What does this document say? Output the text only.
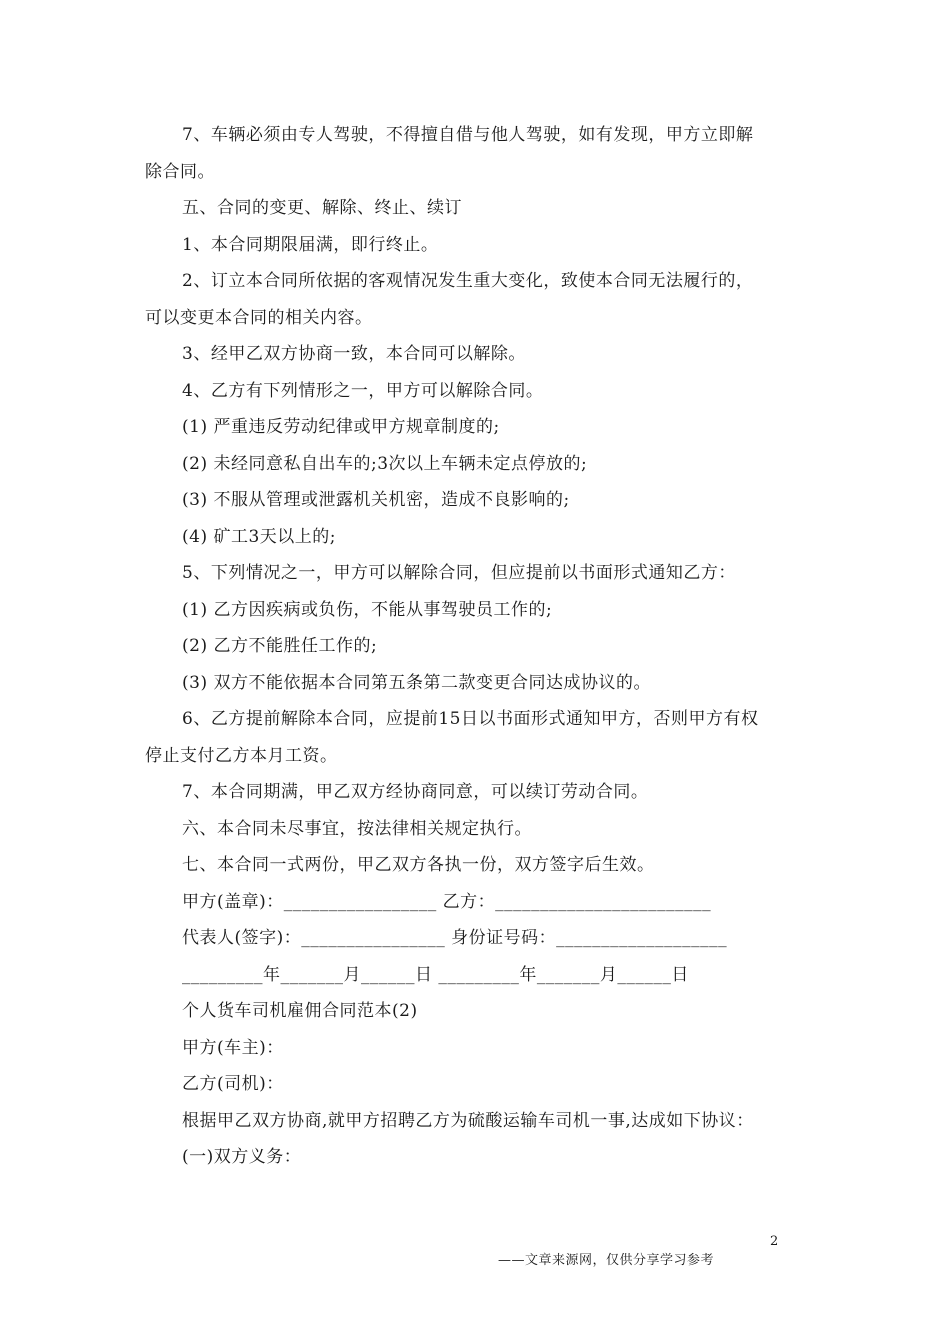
7、车辆必须由专人驾驶，不得擅自借与他人驾驶，如有发现，甲方立即解
除合同。
五、合同的变更、解除、终止、续订
1、本合同期限届满，即行终止。
2、订立本合同所依据的客观情况发生重大变化，致使本合同无法履行的，
可以变更本合同的相关内容。
3、经甲乙双方协商一致，本合同可以解除。
4、乙方有下列情形之一，甲方可以解除合同。
(1) 严重违反劳动纪律或甲方规章制度的;
(2) 未经同意私自出车的;3次以上车辆未定点停放的;
(3) 不服从管理或泄露机关机密，造成不良影响的;
(4) 矿工3天以上的;
5、下列情况之一，甲方可以解除合同，但应提前以书面形式通知乙方：
(1) 乙方因疾病或负伤，不能从事驾驶员工作的;
(2) 乙方不能胜任工作的;
(3) 双方不能依据本合同第五条第二款变更合同达成协议的。
6、乙方提前解除本合同，应提前15日以书面形式通知甲方，否则甲方有权
停止支付乙方本月工资。
7、本合同期满，甲乙双方经协商同意，可以续订劳动合同。
六、本合同未尽事宜，按法律相关规定执行。
七、本合同一式两份，甲乙双方各执一份，双方签字后生效。
甲方(盖章)：_________________ 乙方：________________________
代表人(签字)：________________ 身份证号码：___________________
_________年_______月______日 _________年_______月______日
个人货车司机雇佣合同范本(2)
甲方(车主)：
乙方(司机)：
根据甲乙双方协商,就甲方招聘乙方为硫酸运输车司机一事,达成如下协议：
(一)双方义务：
2
——文章来源网，仅供分享学习参考
